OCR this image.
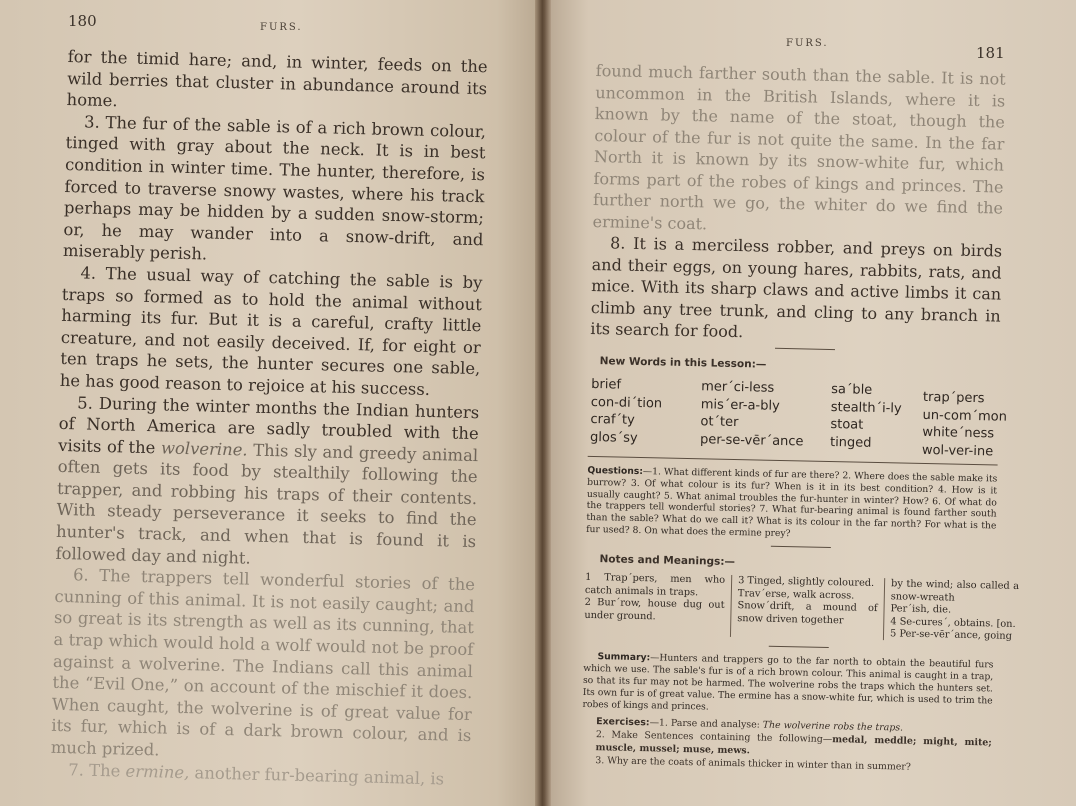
180	FURS.

for the timid hare; and, in winter, feeds on the wild berries that cluster in abundance around its home.

3. The fur of the sable is of a rich brown colour, tinged with gray about the neck. It is in best condition in winter time. The hunter, therefore, is forced to traverse snowy wastes, where his track perhaps may be hidden by a sudden snow-storm; or, he may wander into a snow-drift, and miserably perish.

4. The usual way of catching the sable is by traps so formed as to hold the animal without harming its fur. But it is a careful, crafty little creature, and not easily deceived. If, for eight or ten traps he sets, the hunter secures one sable, he has good reason to rejoice at his success.

5. During the winter months the Indian hunters of North America are sadly troubled with the visits of the wolverine. This sly and greedy animal often gets its food by stealthily following the trapper, and robbing his traps of their contents. With steady perseverance it seeks to find the hunter's track, and when that is found it is followed day and night.

6. The trappers tell wonderful stories of the cunning of this animal. It is not easily caught; and so great is its strength as well as its cunning, that a trap which would hold a wolf would not be proof against a wolverine. The Indians call this animal the “Evil One,” on account of the mischief it does. When caught, the wolverine is of great value for its fur, which is of a dark brown colour, and is much prized.

7. The ermine, another fur-bearing animal, is

FURS.
181

found much farther south than the sable. It is not uncommon in the British Islands, where it is known by the name of the stoat, though the colour of the fur is not quite the same. In the far North it is known by its snow-white fur, which forms part of the robes of kings and princes. The further north we go, the whiter do we find the ermine's coat.

8. It is a merciless robber, and preys on birds and their eggs, on young hares, rabbits, rats, and mice. With its sharp claws and active limbs it can climb any tree trunk, and cling to any branch in its search for food.

New Words in this Lesson:—
brief
con-di´tion
craf´ty
glos´sy
mer´ci-less
mis´er-a-bly
ot´ter
per-se-vēr´ance
sa´ble
stealth´i-ly
stoat
tinged
trap´pers
un-com´mon
white´ness
wol-ver-ine
Questions:—1. What different kinds of fur are there? 2. Where does the sable make its burrow? 3. Of what colour is its fur? When is it in its best condition? 4. How is it usually caught? 5. What animal troubles the fur-hunter in winter? How? 6. Of what do the trappers tell wonderful stories? 7. What fur-bearing animal is found farther south than the sable? What do we call it? What is its colour in the far north? For what is the fur used? 8. On what does the ermine prey?
Notes and Meanings:—

1 Trap´pers, men who catch animals in traps.

2 Bur´row, house dug out under ground.

3 Tinged, slightly coloured.

Trav´erse, walk across.

Snow´drift, a mound of snow driven together

by the wind; also called a snow-wreath

Per´ish, die.

4 Se-cures´, obtains. [on.

5 Per-se-vēr´ance, going

Summary:—Hunters and trappers go to the far north to obtain the beautiful furs which we use. The sable's fur is of a rich brown colour. This animal is caught in a trap, so that its fur may not be harmed. The wolverine robs the traps which the hunters set. Its own fur is of great value. The ermine has a snow-white fur, which is used to trim the robes of kings and princes.

Exercises:—1. Parse and analyse: The wolverine robs the traps.

2. Make Sentences containing the following—medal, meddle; might, mite; muscle, mussel; muse, mews.

3. Why are the coats of animals thicker in winter than in summer?
